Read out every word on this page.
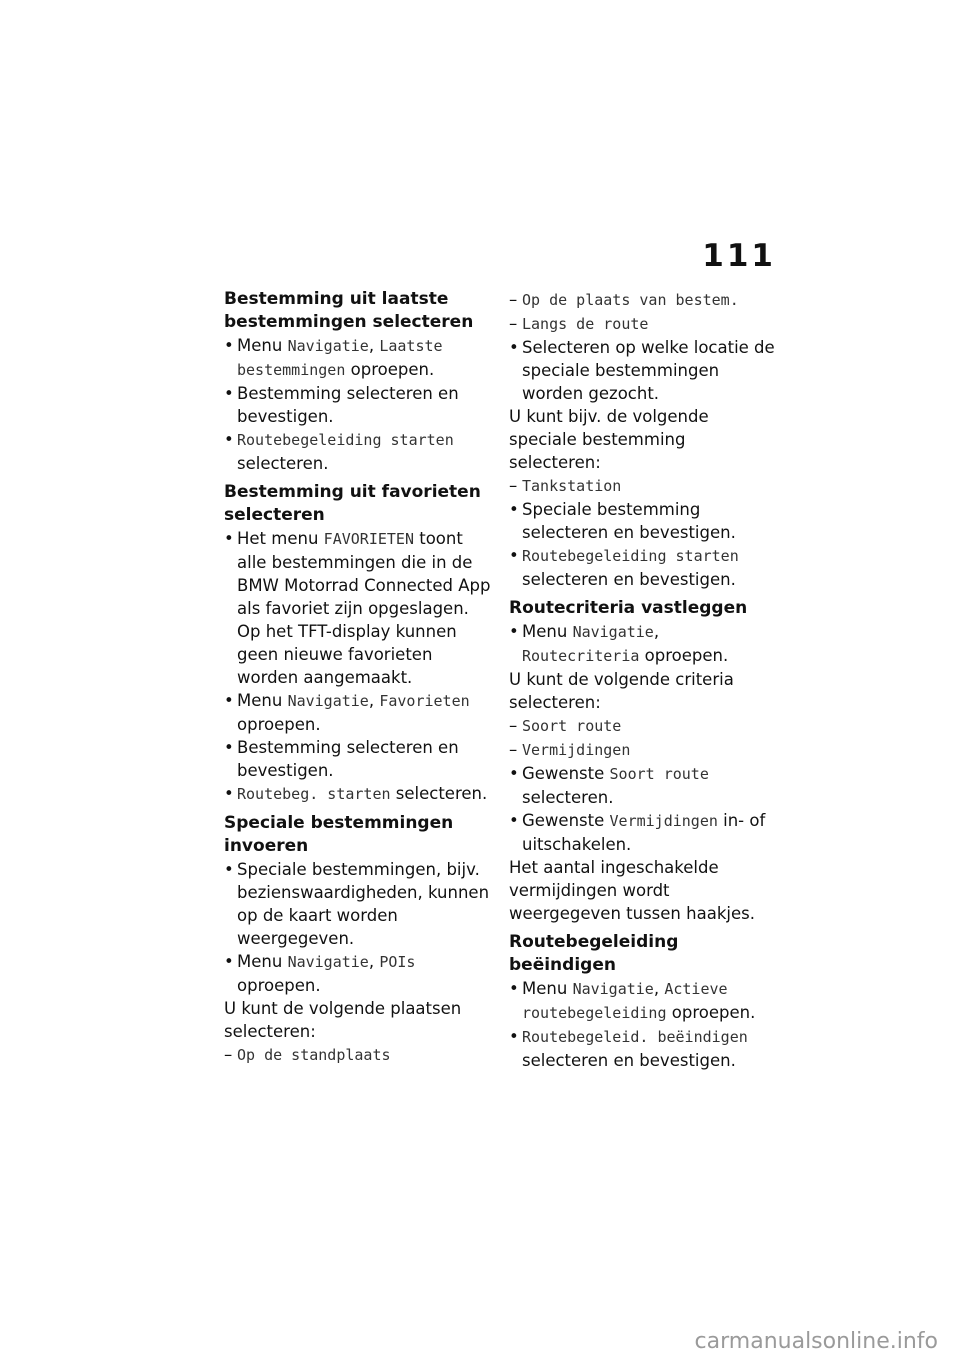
111
Bestemming uit laatste bestemmingen selecteren
• Menu Navigatie, Laatste bestemmingen oproepen.
• Bestemming selecteren en bevestigen.
• Routebegeleiding starten selecteren.
Bestemming uit favorieten selecteren
• Het menu FAVORIETEN toont alle bestemmingen die in de BMW Motorrad Connected App als favoriet zijn opgeslagen. Op het TFT-display kunnen geen nieuwe favorieten worden aangemaakt.
• Menu Navigatie, Favorieten oproepen.
• Bestemming selecteren en bevestigen.
• Routebeg. starten selecteren.
Speciale bestemmingen invoeren
• Speciale bestemmingen, bijv. bezienswaardigheden, kunnen op de kaart worden weergegeven.
• Menu Navigatie, POIs oproepen.
U kunt de volgende plaatsen selecteren:
– Op de standplaats
– Op de plaats van bestem.
– Langs de route
• Selecteren op welke locatie de speciale bestemmingen worden gezocht.
U kunt bijv. de volgende speciale bestemming selecteren:
– Tankstation
• Speciale bestemming selecteren en bevestigen.
• Routebegeleiding starten selecteren en bevestigen.
Routecriteria vastleggen
• Menu Navigatie, Routecriteria oproepen.
U kunt de volgende criteria selecteren:
– Soort route
– Vermijdingen
• Gewenste Soort route selecteren.
• Gewenste Vermijdingen in- of uitschakelen.
Het aantal ingeschakelde vermijdingen wordt weergegeven tussen haakjes.
Routebegeleiding beëindigen
• Menu Navigatie, Actieve routebegeleiding oproepen.
• Routebegeleid. beëindigen selecteren en bevestigen.
carmanualsonline.info
